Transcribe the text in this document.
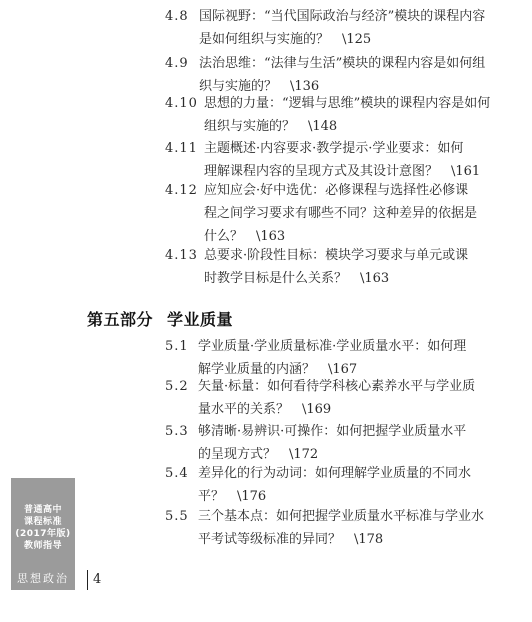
4.8 国际视野：“当代国际政治与经济”模块的课程内容
是如何组织与实施的？　\125
4.9 法治思维：“法律与生活”模块的课程内容是如何组
织与实施的？　\136
4.10 思想的力量：“逻辑与思维”模块的课程内容是如何
组织与实施的？　\148
4.11 主题概述·内容要求·教学提示·学业要求：如何
理解课程内容的呈现方式及其设计意图？　\161
4.12 应知应会·好中选优：必修课程与选择性必修课
程之间学习要求有哪些不同？这种差异的依据是
什么？　\163
4.13 总要求·阶段性目标：模块学习要求与单元或课
时教学目标是什么关系？　\163
第五部分 学业质量
5.1 学业质量·学业质量标准·学业质量水平：如何理
解学业质量的内涵？　\167
5.2 矢量·标量：如何看待学科核心素养水平与学业质
量水平的关系？　\169
5.3 够清晰·易辨识·可操作：如何把握学业质量水平
的呈现方式？　\172
5.4 差异化的行为动词：如何理解学业质量的不同水
平？　\176
5.5 三个基本点：如何把握学业质量水平标准与学业水
平考试等级标准的异同？　\178
普通高中
课程标准
(2017年版)
教师指导
思想政治	4
